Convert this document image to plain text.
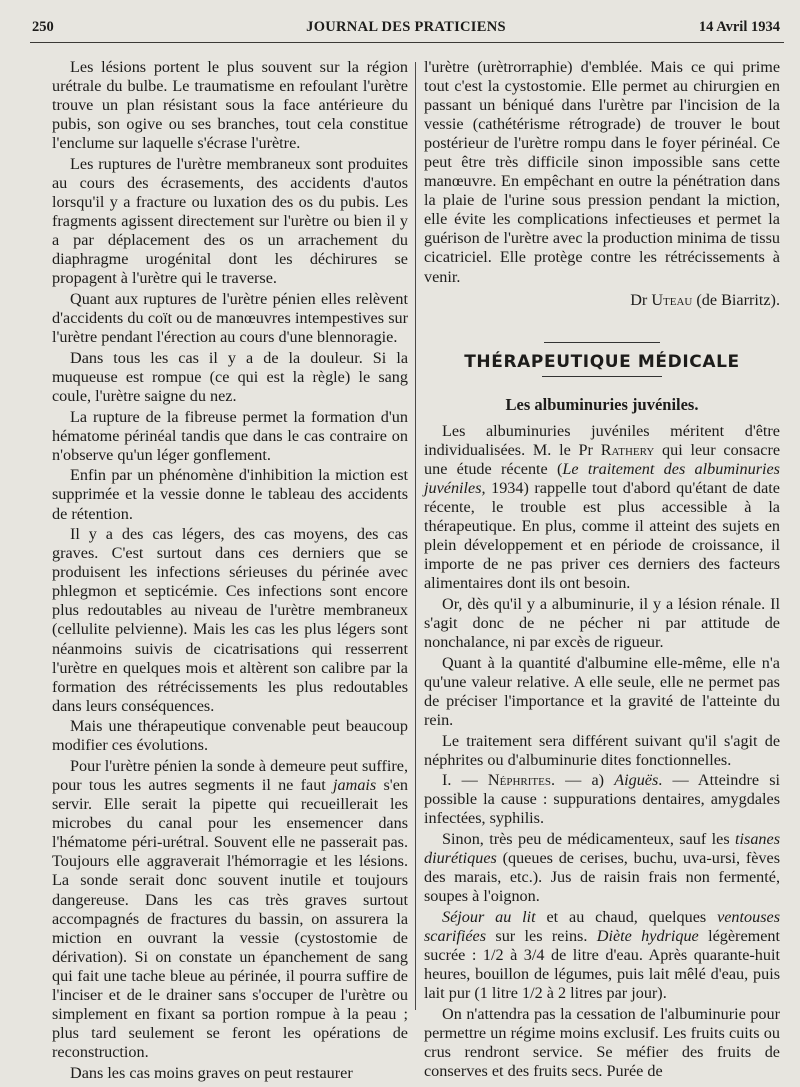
250	JOURNAL DES PRATICIENS	14 Avril 1934

Les lésions portent le plus souvent sur la région urétrale du bulbe. Le traumatisme en refoulant l'urètre trouve un plan résistant sous la face antérieure du pubis, son ogive ou ses branches, tout cela constitue l'enclume sur laquelle s'écrase l'urètre.

Les ruptures de l'urètre membraneux sont produites au cours des écrasements, des accidents d'autos lorsqu'il y a fracture ou luxation des os du pubis. Les fragments agissent directement sur l'urètre ou bien il y a par déplacement des os un arrachement du diaphragme urogénital dont les déchirures se propagent à l'urètre qui le traverse.

Quant aux ruptures de l'urètre pénien elles relèvent d'accidents du coït ou de manœuvres intempestives sur l'urètre pendant l'érection au cours d'une blennoragie.

Dans tous les cas il y a de la douleur. Si la muqueuse est rompue (ce qui est la règle) le sang coule, l'urètre saigne du nez.

La rupture de la fibreuse permet la formation d'un hématome périnéal tandis que dans le cas contraire on n'observe qu'un léger gonflement.

Enfin par un phénomène d'inhibition la miction est supprimée et la vessie donne le tableau des accidents de rétention.

Il y a des cas légers, des cas moyens, des cas graves. C'est surtout dans ces derniers que se produisent les infections sérieuses du périnée avec phlegmon et septicémie. Ces infections sont encore plus redoutables au niveau de l'urètre membraneux (cellulite pelvienne). Mais les cas les plus légers sont néanmoins suivis de cicatrisations qui resserrent l'urètre en quelques mois et altèrent son calibre par la formation des rétrécissements les plus redoutables dans leurs conséquences.

Mais une thérapeutique convenable peut beaucoup modifier ces évolutions.

Pour l'urètre pénien la sonde à demeure peut suffire, pour tous les autres segments il ne faut jamais s'en servir. Elle serait la pipette qui recueillerait les microbes du canal pour les ensemencer dans l'hématome péri-urétral. Souvent elle ne passerait pas. Toujours elle aggraverait l'hémorragie et les lésions. La sonde serait donc souvent inutile et toujours dangereuse. Dans les cas très graves surtout accompagnés de fractures du bassin, on assurera la miction en ouvrant la vessie (cystostomie de dérivation). Si on constate un épanchement de sang qui fait une tache bleue au périnée, il pourra suffire de l'inciser et de le drainer sans s'occuper de l'urètre ou simplement en fixant sa portion rompue à la peau ; plus tard seulement se feront les opérations de reconstruction.

Dans les cas moins graves on peut restaurer

l'urètre (urètrorraphie) d'emblée. Mais ce qui prime tout c'est la cystostomie. Elle permet au chirurgien en passant un béniqué dans l'urètre par l'incision de la vessie (cathétérisme rétrograde) de trouver le bout postérieur de l'urètre rompu dans le foyer périnéal. Ce peut être très difficile sinon impossible sans cette manœuvre. En empêchant en outre la pénétration dans la plaie de l'urine sous pression pendant la miction, elle évite les complications infectieuses et permet la guérison de l'urètre avec la production minima de tissu cicatriciel. Elle protège contre les rétrécissements à venir.

Dr Uteau (de Biarritz).

THÉRAPEUTIQUE MÉDICALE
Les albuminuries juvéniles.

Les albuminuries juvéniles méritent d'être individualisées. M. le Pr Rathery qui leur consacre une étude récente (Le traitement des albuminuries juvéniles, 1934) rappelle tout d'abord qu'étant de date récente, le trouble est plus accessible à la thérapeutique. En plus, comme il atteint des sujets en plein développement et en période de croissance, il importe de ne pas priver ces derniers des facteurs alimentaires dont ils ont besoin.

Or, dès qu'il y a albuminurie, il y a lésion rénale. Il s'agit donc de ne pécher ni par attitude de nonchalance, ni par excès de rigueur.

Quant à la quantité d'albumine elle-même, elle n'a qu'une valeur relative. A elle seule, elle ne permet pas de préciser l'importance et la gravité de l'atteinte du rein.

Le traitement sera différent suivant qu'il s'agit de néphrites ou d'albuminurie dites fonctionnelles.

I. — Néphrites. — a) Aiguës. — Atteindre si possible la cause : suppurations dentaires, amygdales infectées, syphilis.

Sinon, très peu de médicamenteux, sauf les tisanes diurétiques (queues de cerises, buchu, uva-ursi, fèves des marais, etc.). Jus de raisin frais non fermenté, soupes à l'oignon.

Séjour au lit et au chaud, quelques ventouses scarifiées sur les reins. Diète hydrique légèrement sucrée : 1/2 à 3/4 de litre d'eau. Après quarante-huit heures, bouillon de légumes, puis lait mêlé d'eau, puis lait pur (1 litre 1/2 à 2 litres par jour).

On n'attendra pas la cessation de l'albuminurie pour permettre un régime moins exclusif. Les fruits cuits ou crus rendront service. Se méfier des fruits de conserves et des fruits secs. Purée de
